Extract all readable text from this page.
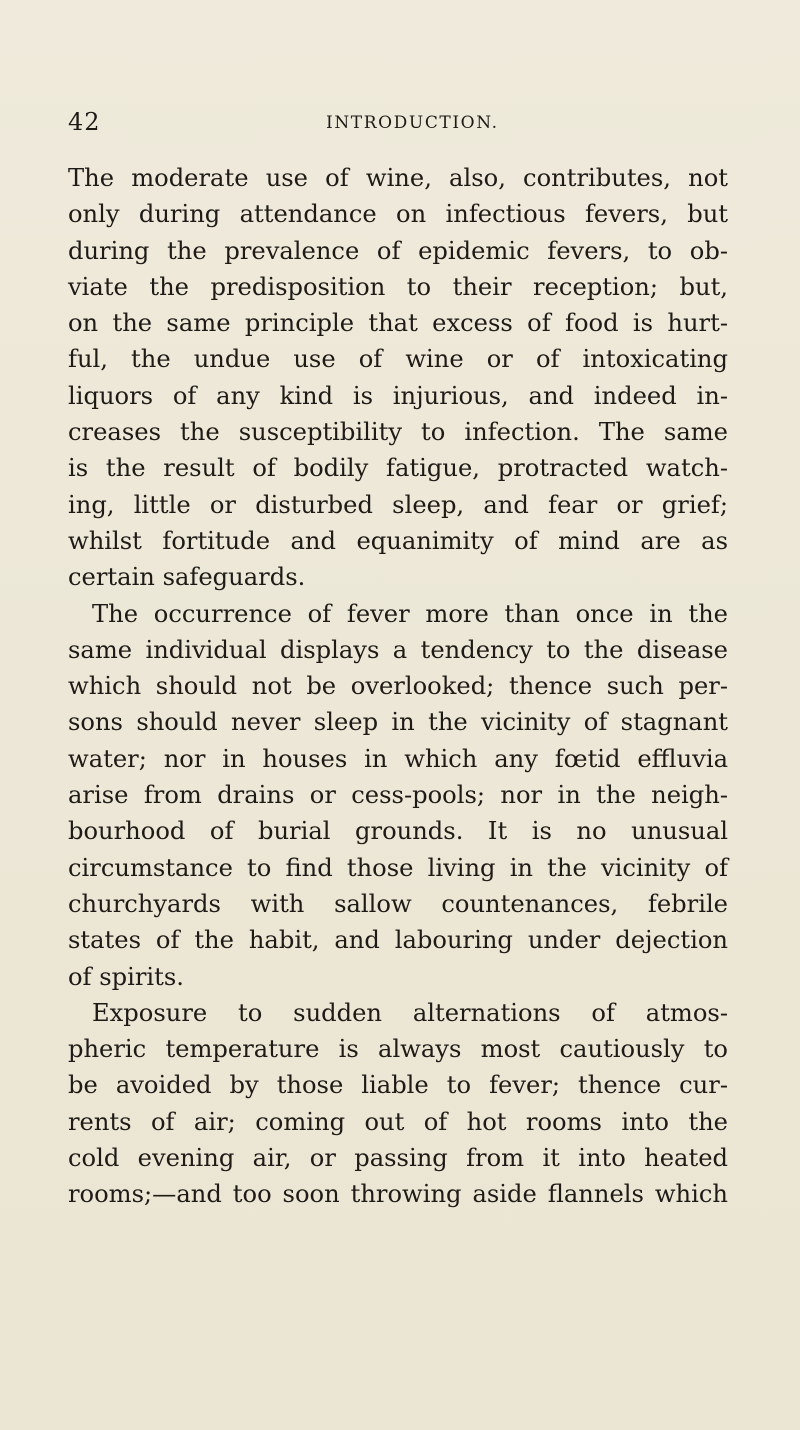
42	INTRODUCTION.
The moderate use of wine, also, contributes, not
only during attendance on infectious fevers, but
during the prevalence of epidemic fevers, to ob-
viate the predisposition to their reception; but,
on the same principle that excess of food is hurt-
ful, the undue use of wine or of intoxicating
liquors of any kind is injurious, and indeed in-
creases the susceptibility to infection. The same
is the result of bodily fatigue, protracted watch-
ing, little or disturbed sleep, and fear or grief;
whilst fortitude and equanimity of mind are as
certain safeguards.
The occurrence of fever more than once in the
same individual displays a tendency to the disease
which should not be overlooked; thence such per-
sons should never sleep in the vicinity of stagnant
water; nor in houses in which any fœtid effluvia
arise from drains or cess-pools; nor in the neigh-
bourhood of burial grounds. It is no unusual
circumstance to find those living in the vicinity of
churchyards with sallow countenances, febrile
states of the habit, and labouring under dejection
of spirits.
Exposure to sudden alternations of atmos-
pheric temperature is always most cautiously to
be avoided by those liable to fever; thence cur-
rents of air; coming out of hot rooms into the
cold evening air, or passing from it into heated
rooms;—and too soon throwing aside flannels which
